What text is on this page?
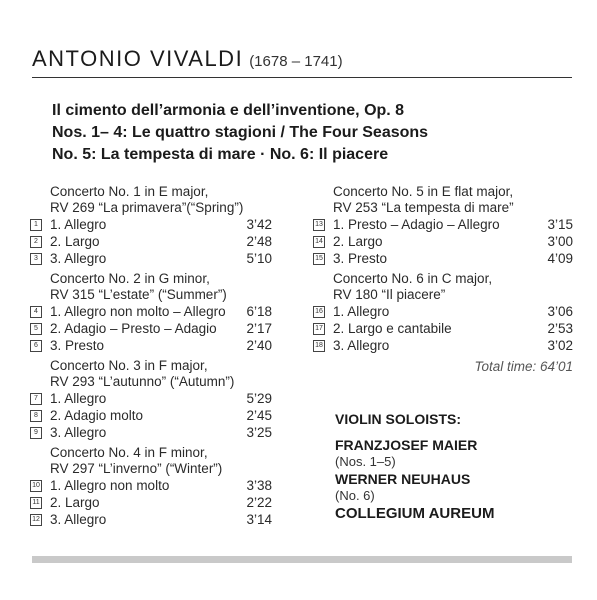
ANTONIO VIVALDI (1678 – 1741)
Il cimento dell’armonia e dell’inventione, Op. 8
Nos. 1– 4: Le quattro stagioni / The Four Seasons
No. 5: La tempesta di mare · No. 6: Il piacere
Concerto No. 1 in E major,
RV 269 “La primavera”(“Spring”)
1 1. Allegro	3’42
2 2. Largo	2’48
3 3. Allegro	5’10
Concerto No. 2 in G minor,
RV 315 “L’estate” (“Summer”)
4 1. Allegro non molto – Allegro 6’18
5 2. Adagio – Presto – Adagio 2’17
6 3. Presto	2’40
Concerto No. 3 in F major,
RV 293 “L’autunno” (“Autumn”)
7 1. Allegro	5’29
8 2. Adagio molto	2’45
9 3. Allegro	3’25
Concerto No. 4 in F minor,
RV 297 “L’inverno” (“Winter”)
10 1. Allegro non molto	3’38
11 2. Largo	2’22
12 3. Allegro	3’14
Concerto No. 5 in E flat major,
RV 253 “La tempesta di mare”
13 1. Presto – Adagio – Allegro	3’15
14 2. Largo	3’00
15 3. Presto	4’09
Concerto No. 6 in C major,
RV 180 “Il piacere”
16 1. Allegro	3’06
17 2. Largo e cantabile	2’53
18 3. Allegro	3’02
Total time: 64’01
VIOLIN SOLOISTS:
FRANZJOSEF MAIER
(Nos. 1–5)
WERNER NEUHAUS
(No. 6)
COLLEGIUM AUREUM
